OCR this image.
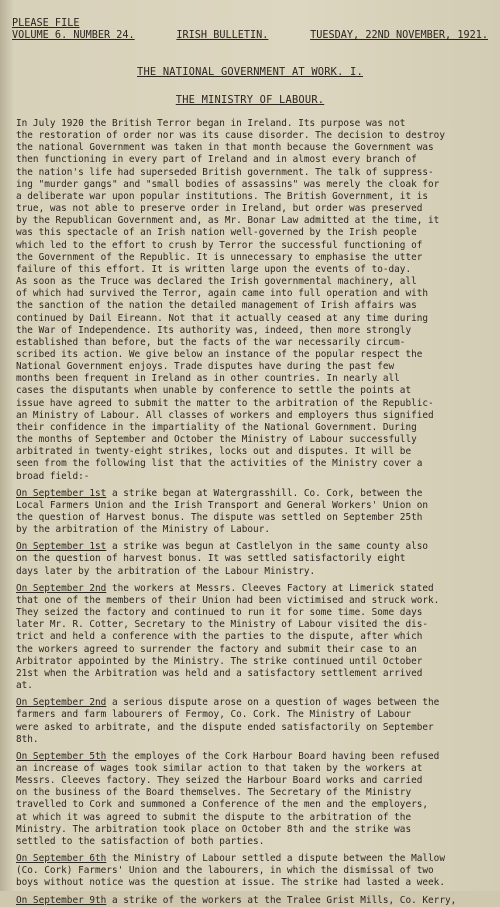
PLEASE FILE
VOLUME 6. NUMBER 24.	IRISH BULLETIN.	TUESDAY, 22ND NOVEMBER, 1921.
THE NATIONAL GOVERNMENT AT WORK. I.
THE MINISTRY OF LABOUR.

In July 1920 the British Terror began in Ireland. Its purpose was not
the restoration of order nor was its cause disorder. The decision to destroy
the national Government was taken in that month because the Government was
then functioning in every part of Ireland and in almost every branch of
the nation's life had superseded British government. The talk of suppress-
ing "murder gangs" and "small bodies of assassins" was merely the cloak for
a deliberate war upon popular institutions. The British Government, it is
true, was not able to preserve order in Ireland, but order was preserved
by the Republican Government and, as Mr. Bonar Law admitted at the time, it
was this spectacle of an Irish nation well-governed by the Irish people
which led to the effort to crush by Terror the successful functioning of
the Government of the Republic. It is unnecessary to emphasise the utter
failure of this effort. It is written large upon the events of to-day.
As soon as the Truce was declared the Irish governmental machinery, all
of which had survived the Terror, again came into full operation and with
the sanction of the nation the detailed management of Irish affairs was
continued by Dail Eireann. Not that it actually ceased at any time during
the War of Independence. Its authority was, indeed, then more strongly
established than before, but the facts of the war necessarily circum-
scribed its action. We give below an instance of the popular respect the
National Government enjoys. Trade disputes have during the past few
months been frequent in Ireland as in other countries. In nearly all
cases the disputants when unable by conference to settle the points at
issue have agreed to submit the matter to the arbitration of the Republic-
an Ministry of Labour. All classes of workers and employers thus signified
their confidence in the impartiality of the National Government. During
the months of September and October the Ministry of Labour successfully
arbitrated in twenty-eight strikes, locks out and disputes. It will be
seen from the following list that the activities of the Ministry cover a
broad field:-

On September 1st a strike began at Watergrasshill. Co. Cork, between the
Local Farmers Union and the Irish Transport and General Workers' Union on
the question of Harvest bonus. The dispute was settled on September 25th
by the arbitration of the Ministry of Labour.

On September 1st a strike was begun at Castlelyon in the same county also
on the question of harvest bonus. It was settled satisfactorily eight
days later by the arbitration of the Labour Ministry.

On September 2nd the workers at Messrs. Cleeves Factory at Limerick stated
that one of the members of their Union had been victimised and struck work.
They seized the factory and continued to run it for some time. Some days
later Mr. R. Cotter, Secretary to the Ministry of Labour visited the dis-
trict and held a conference with the parties to the dispute, after which
the workers agreed to surrender the factory and submit their case to an
Arbitrator appointed by the Ministry. The strike continued until October
21st when the Arbitration was held and a satisfactory settlement arrived
at.

On September 2nd a serious dispute arose on a question of wages between the
farmers and farm labourers of Fermoy, Co. Cork. The Ministry of Labour
were asked to arbitrate, and the dispute ended satisfactorily on September
8th.

On September 5th the employes of the Cork Harbour Board having been refused
an increase of wages took similar action to that taken by the workers at
Messrs. Cleeves factory. They seized the Harbour Board works and carried
on the business of the Board themselves. The Secretary of the Ministry
travelled to Cork and summoned a Conference of the men and the employers,
at which it was agreed to submit the dispute to the arbitration of the
Ministry. The arbitration took place on October 8th and the strike was
settled to the satisfaction of both parties.

On September 6th the Ministry of Labour settled a dispute between the Mallow
(Co. Cork) Farmers' Union and the labourers, in which the dismissal of two
boys without notice was the question at issue. The strike had lasted a week.

On September 9th a strike of the workers at the Tralee Grist Mills, Co. Kerry,
